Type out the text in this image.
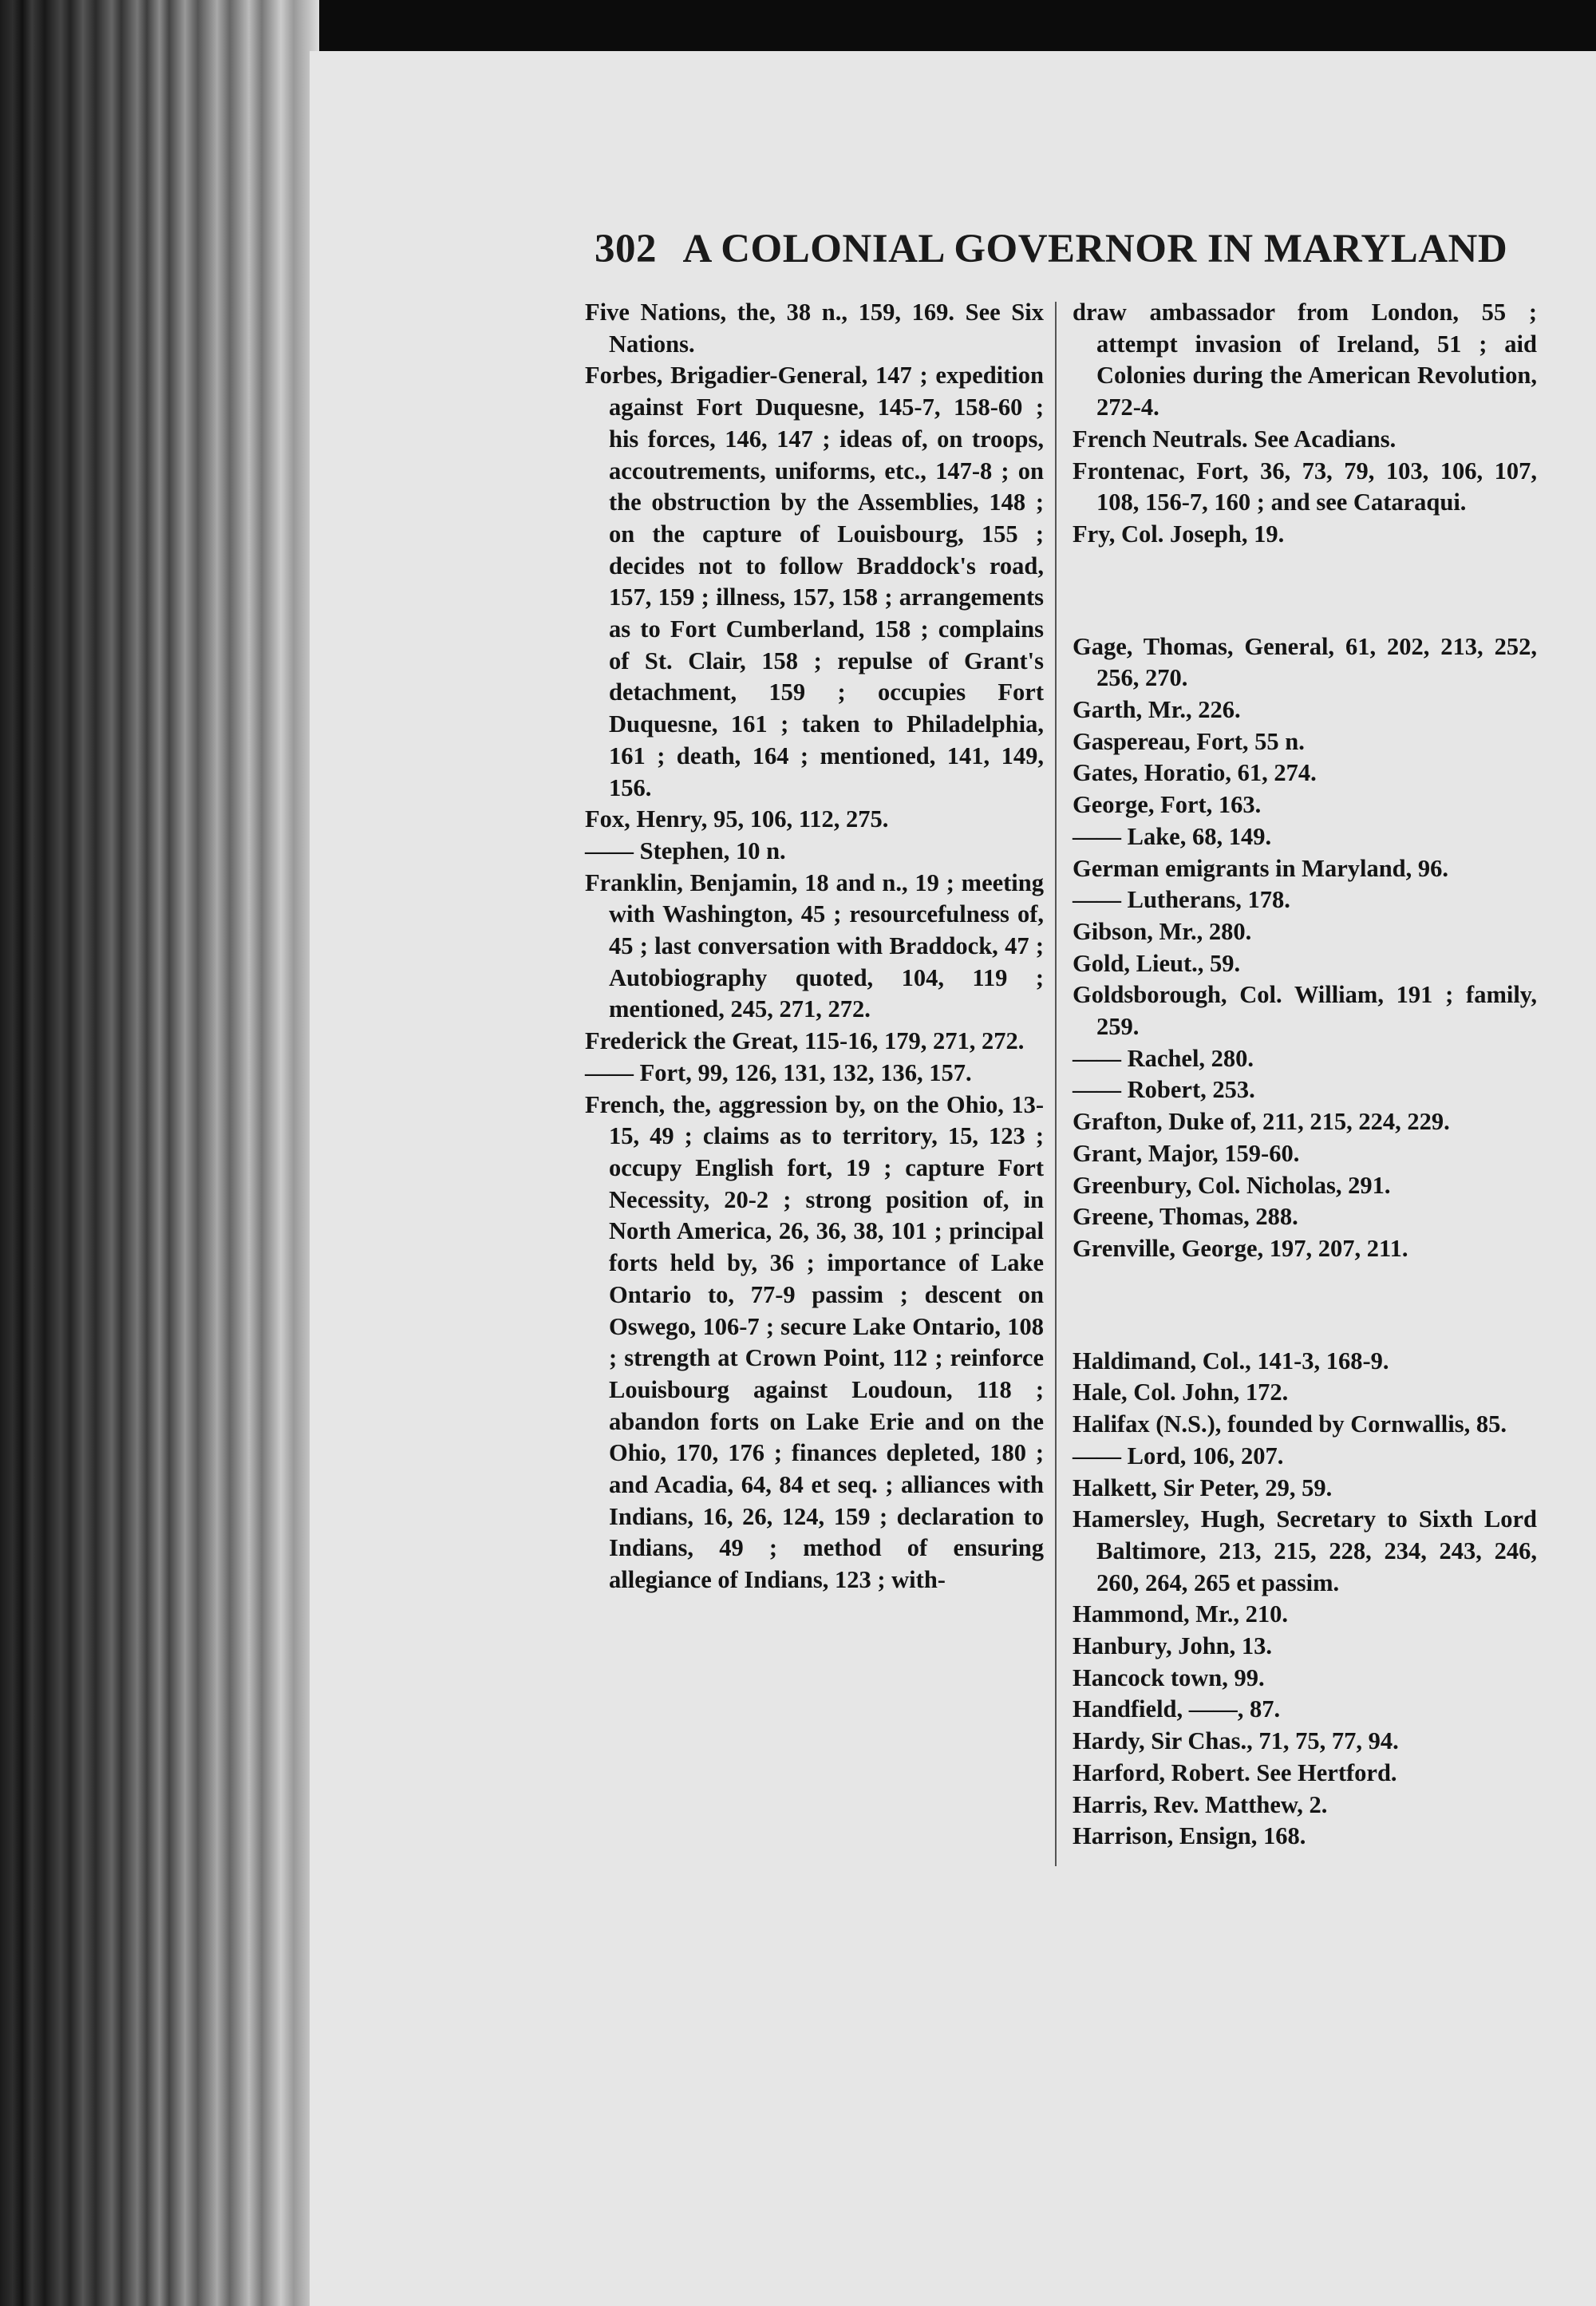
302 A COLONIAL GOVERNOR IN MARYLAND

Five Nations, the, 38 n., 159, 169. See Six Nations.

Forbes, Brigadier-General, 147 ; expedition against Fort Duquesne, 145-7, 158-60 ; his forces, 146, 147 ; ideas of, on troops, accoutrements, uniforms, etc., 147-8 ; on the obstruction by the Assemblies, 148 ; on the capture of Louisbourg, 155 ; decides not to follow Braddock's road, 157, 159 ; illness, 157, 158 ; arrangements as to Fort Cumberland, 158 ; complains of St. Clair, 158 ; repulse of Grant's detachment, 159 ; occupies Fort Duquesne, 161 ; taken to Philadelphia, 161 ; death, 164 ; mentioned, 141, 149, 156.

Fox, Henry, 95, 106, 112, 275.

—— Stephen, 10 n.

Franklin, Benjamin, 18 and n., 19 ; meeting with Washington, 45 ; resourcefulness of, 45 ; last conversation with Braddock, 47 ; Autobiography quoted, 104, 119 ; mentioned, 245, 271, 272.

Frederick the Great, 115-16, 179, 271, 272.

—— Fort, 99, 126, 131, 132, 136, 157.

French, the, aggression by, on the Ohio, 13-15, 49 ; claims as to territory, 15, 123 ; occupy English fort, 19 ; capture Fort Necessity, 20-2 ; strong position of, in North America, 26, 36, 38, 101 ; principal forts held by, 36 ; importance of Lake Ontario to, 77-9 passim ; descent on Oswego, 106-7 ; secure Lake Ontario, 108 ; strength at Crown Point, 112 ; reinforce Louisbourg against Loudoun, 118 ; abandon forts on Lake Erie and on the Ohio, 170, 176 ; finances depleted, 180 ; and Acadia, 64, 84 et seq. ; alliances with Indians, 16, 26, 124, 159 ; declaration to Indians, 49 ; method of ensuring allegiance of Indians, 123 ; with-

draw ambassador from London, 55 ; attempt invasion of Ireland, 51 ; aid Colonies during the American Revolution, 272-4.

French Neutrals. See Acadians.

Frontenac, Fort, 36, 73, 79, 103, 106, 107, 108, 156-7, 160 ; and see Cataraqui.

Fry, Col. Joseph, 19.

Gage, Thomas, General, 61, 202, 213, 252, 256, 270.

Garth, Mr., 226.

Gaspereau, Fort, 55 n.

Gates, Horatio, 61, 274.

George, Fort, 163.

—— Lake, 68, 149.

German emigrants in Maryland, 96.

—— Lutherans, 178.

Gibson, Mr., 280.

Gold, Lieut., 59.

Goldsborough, Col. William, 191 ; family, 259.

—— Rachel, 280.

—— Robert, 253.

Grafton, Duke of, 211, 215, 224, 229.

Grant, Major, 159-60.

Greenbury, Col. Nicholas, 291.

Greene, Thomas, 288.

Grenville, George, 197, 207, 211.

Haldimand, Col., 141-3, 168-9.

Hale, Col. John, 172.

Halifax (N.S.), founded by Cornwallis, 85.

—— Lord, 106, 207.

Halkett, Sir Peter, 29, 59.

Hamersley, Hugh, Secretary to Sixth Lord Baltimore, 213, 215, 228, 234, 243, 246, 260, 264, 265 et passim.

Hammond, Mr., 210.

Hanbury, John, 13.

Hancock town, 99.

Handfield, ——, 87.

Hardy, Sir Chas., 71, 75, 77, 94.

Harford, Robert. See Hertford.

Harris, Rev. Matthew, 2.

Harrison, Ensign, 168.
